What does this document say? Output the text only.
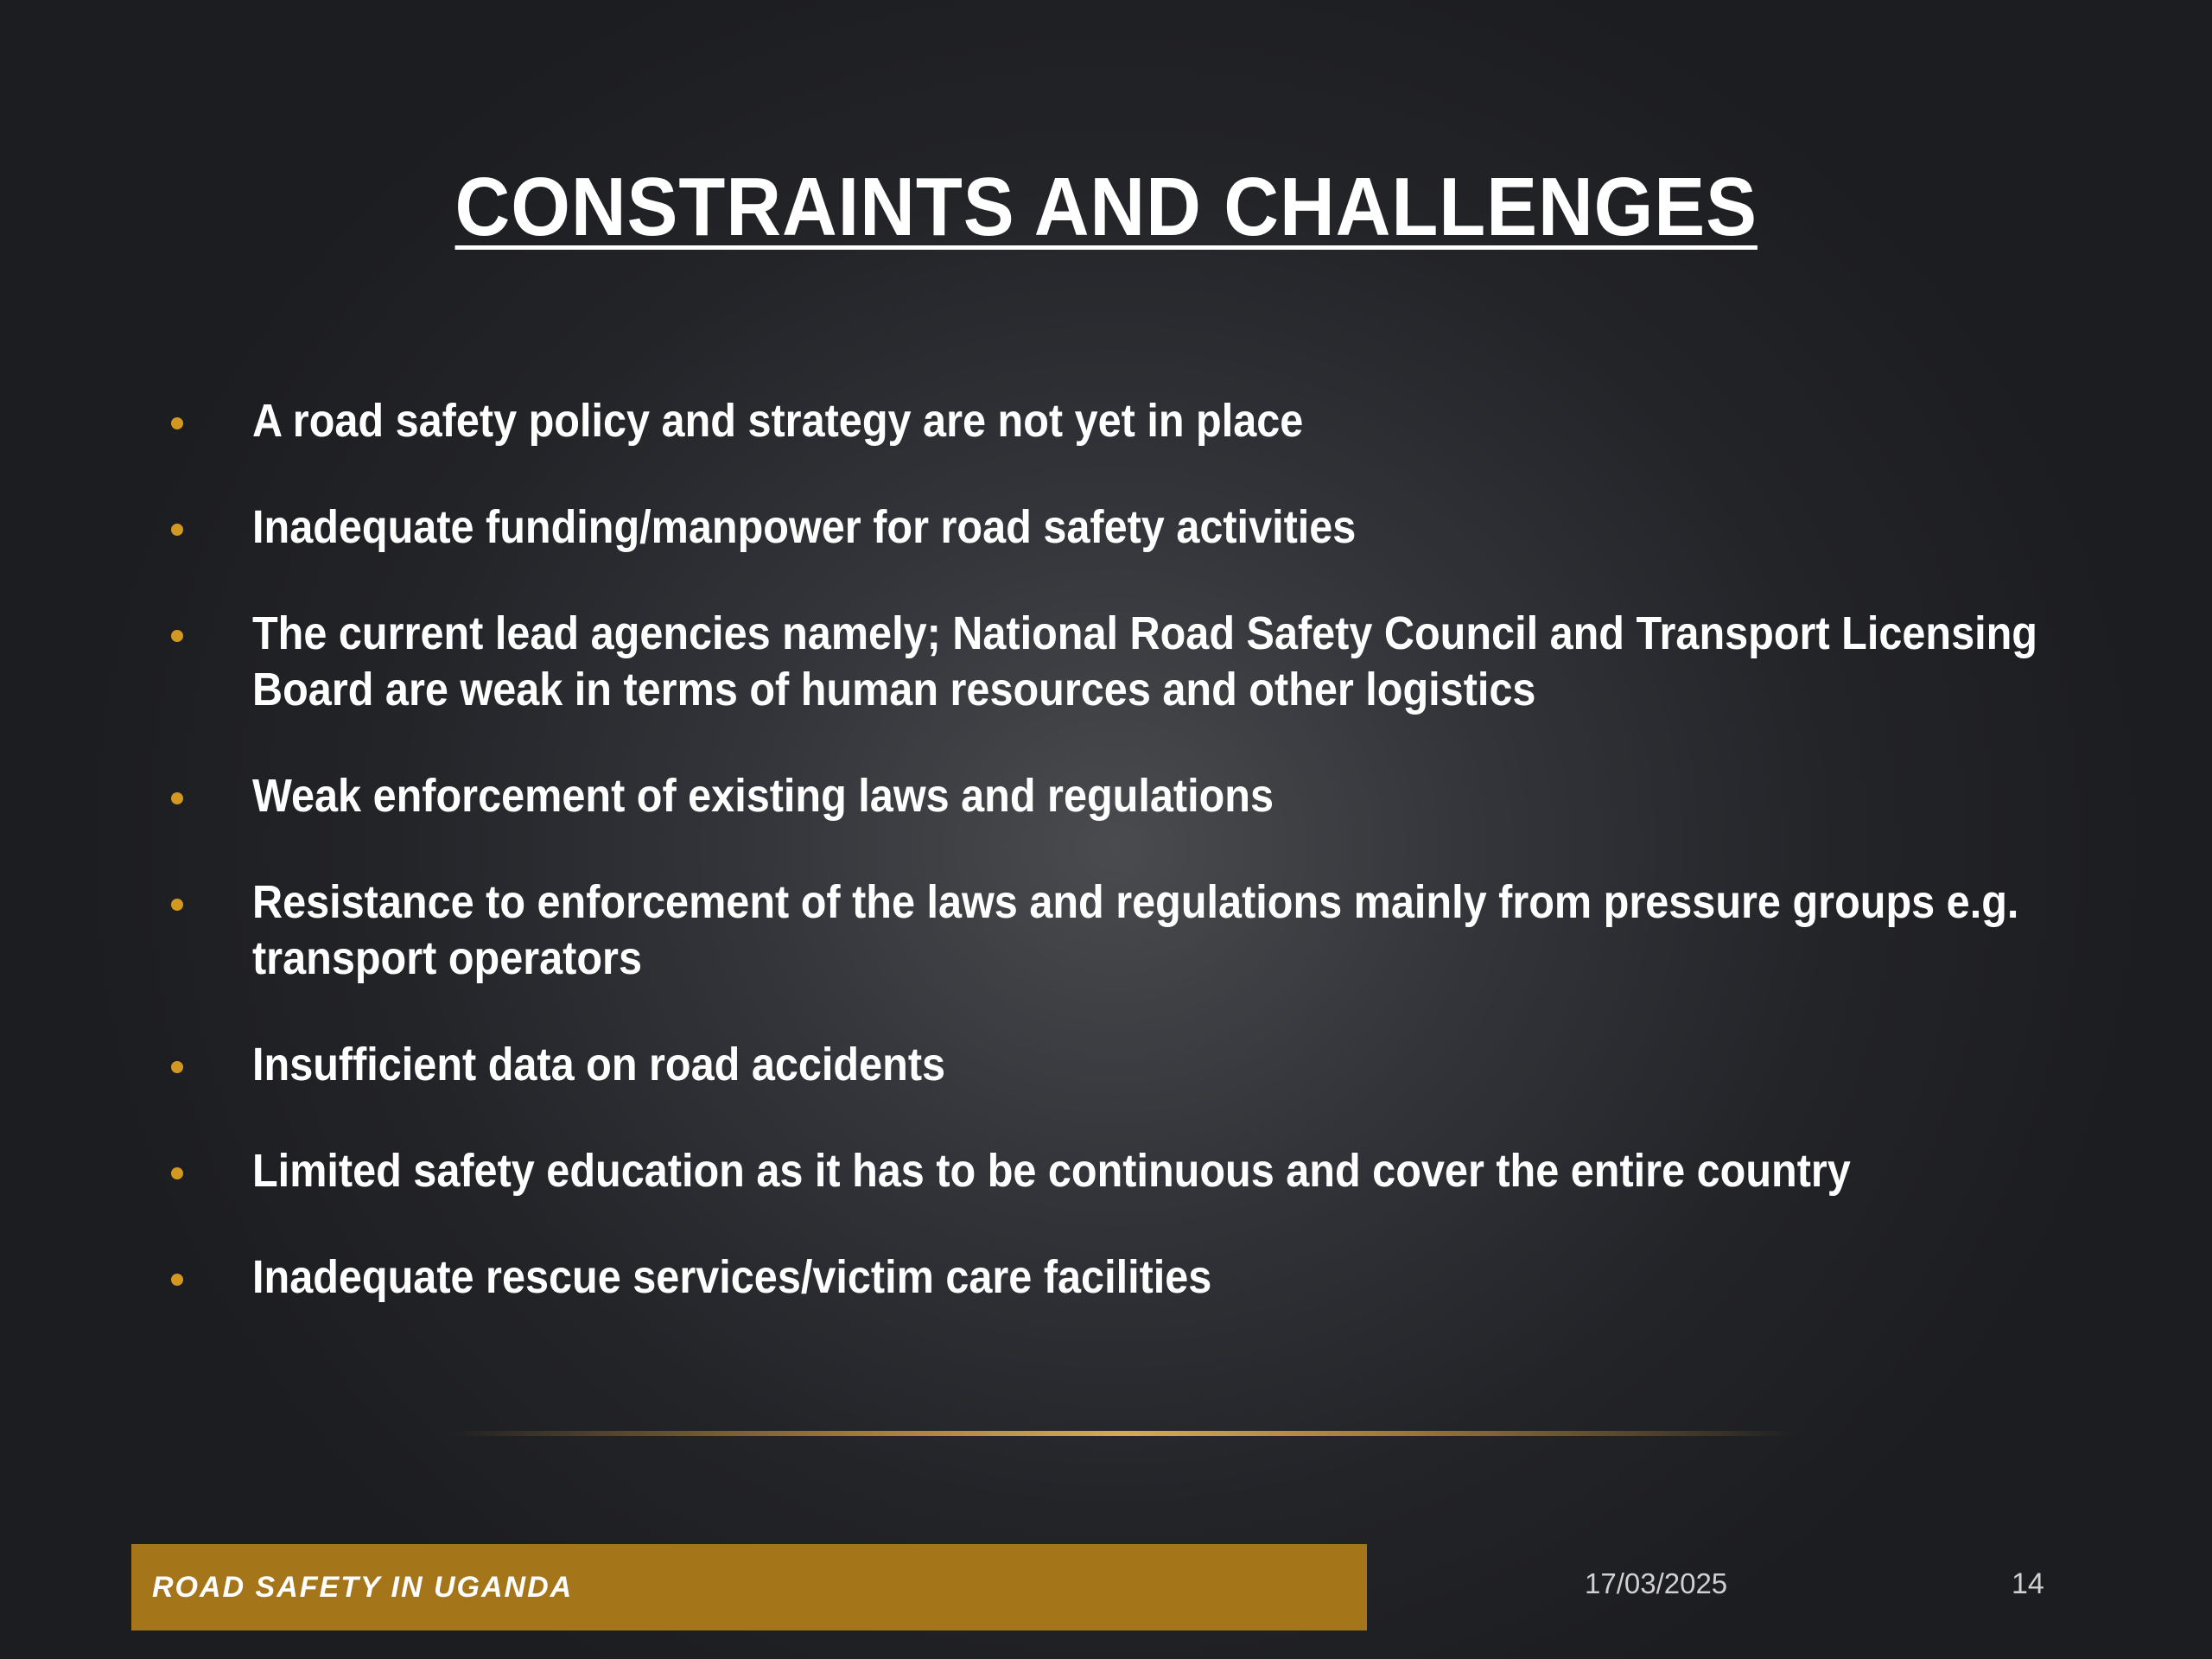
CONSTRAINTS AND CHALLENGES
A road safety policy and strategy are not yet in place
Inadequate funding/manpower for road safety activities
The current lead agencies namely; National Road Safety Council and Transport Licensing Board are weak in terms of human resources and other logistics
Weak enforcement of existing laws and regulations
Resistance to enforcement of the laws and regulations mainly from pressure groups e.g. transport operators
Insufficient data on road accidents
Limited safety education as it has to be continuous and cover the entire country
Inadequate rescue services/victim care facilities
ROAD SAFETY IN UGANDA	17/03/2025	14
